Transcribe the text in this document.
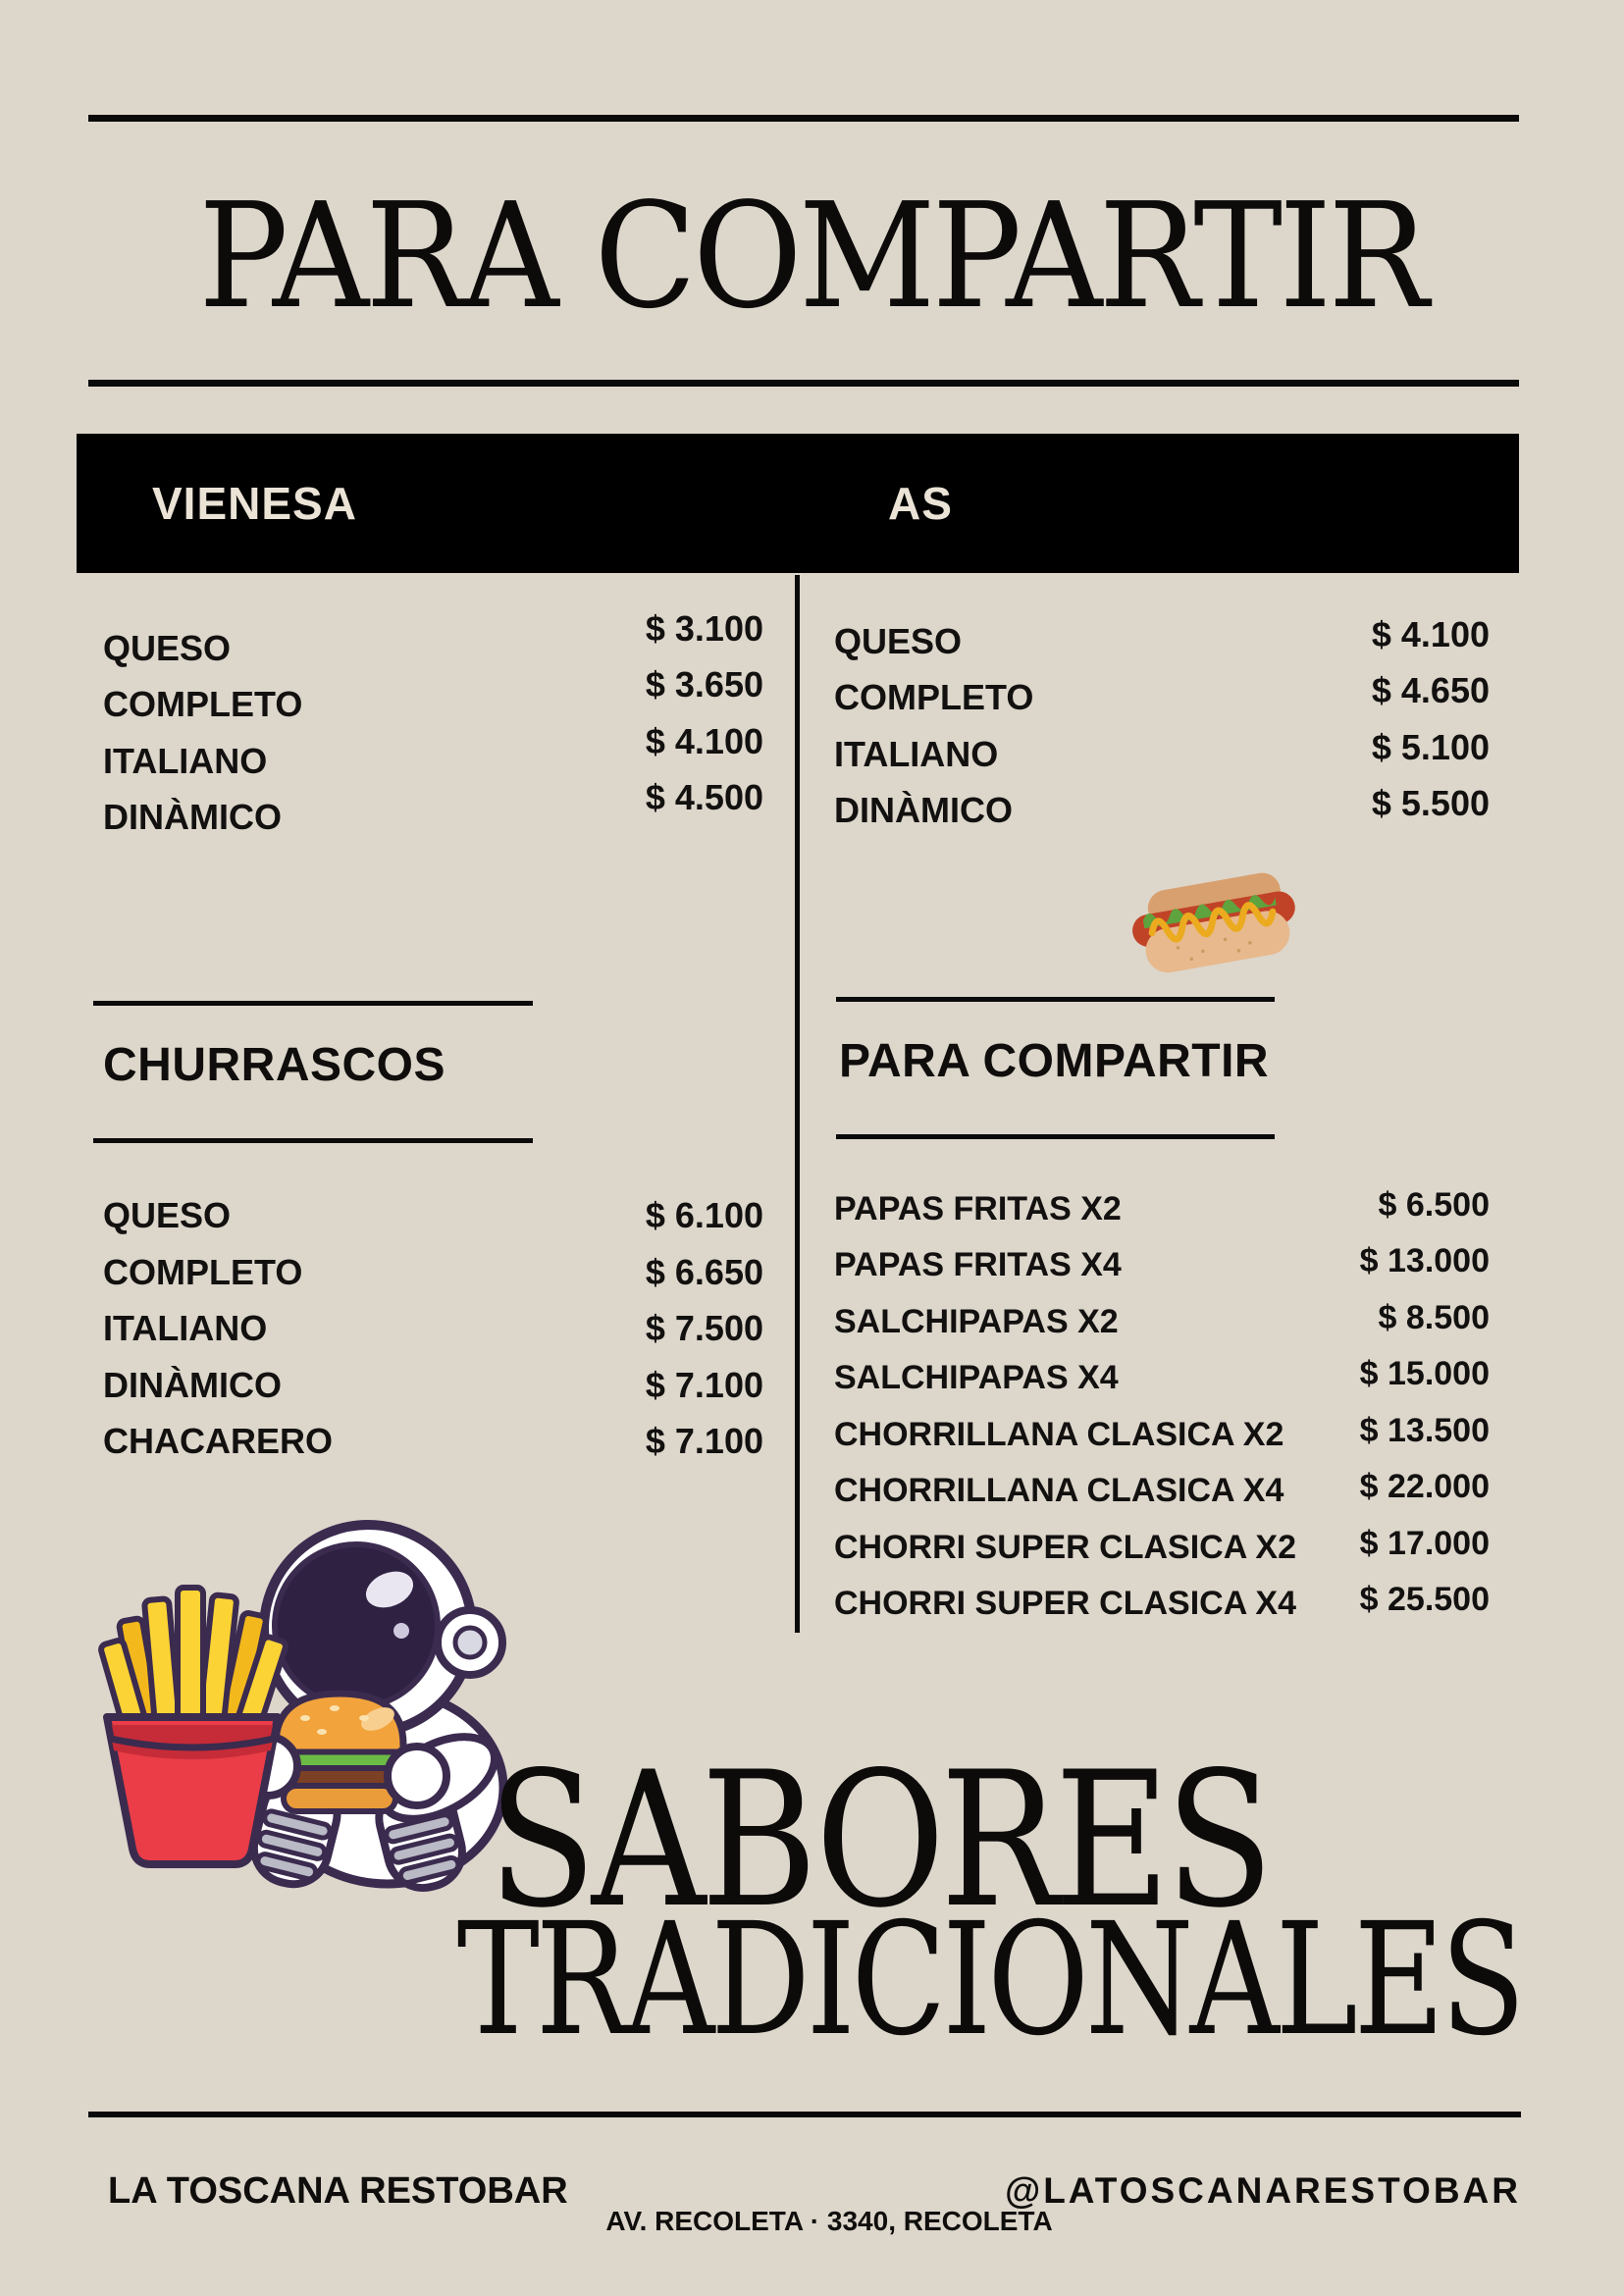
PARA COMPARTIR
VIENESA	AS
QUESO	$ 3.100
COMPLETO	$ 3.650
ITALIANO	$ 4.100
DINÀMICO	$ 4.500
QUESO	$ 4.100
COMPLETO	$ 4.650
ITALIANO	$ 5.100
DINÀMICO	$ 5.500
CHURRASCOS
QUESO	$ 6.100
COMPLETO	$ 6.650
ITALIANO	$ 7.500
DINÀMICO	$ 7.100
CHACARERO	$ 7.100
PARA COMPARTIR
PAPAS FRITAS X2	$ 6.500
PAPAS FRITAS X4	$ 13.000
SALCHIPAPAS X2	$ 8.500
SALCHIPAPAS X4	$ 15.000
CHORRILLANA CLASICA X2 $ 13.500
CHORRILLANA CLASICA X4 $ 22.000
CHORRI SUPER CLASICA X2 $ 17.000
CHORRI SUPER CLASICA X4 $ 25.500
SABORES
TRADICIONALES
LA TOSCANA RESTOBAR
AV. RECOLETA · 3340, RECOLETA
@LATOSCANARESTOBAR
